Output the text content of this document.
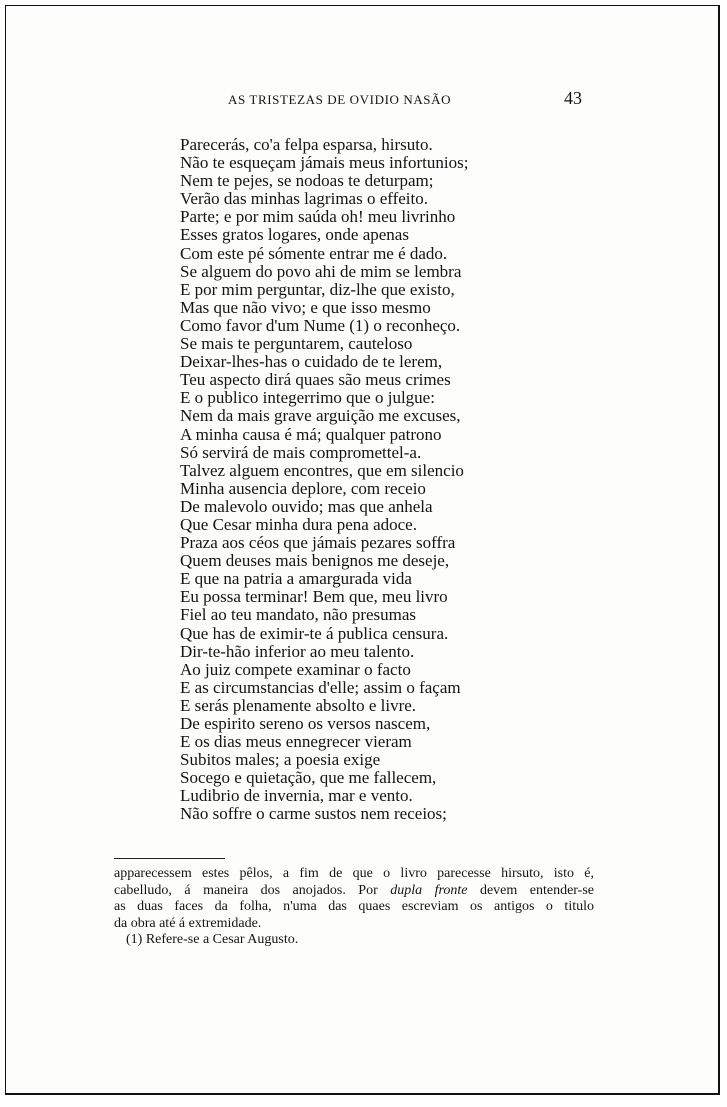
AS TRISTEZAS DE OVIDIO NASÃO	43
Parecerás, co'a felpa esparsa, hirsuto.
Não te esqueçam jámais meus infortunios;
Nem te pejes, se nodoas te deturpam;
Verão das minhas lagrimas o effeito.
Parte; e por mim saúda oh! meu livrinho
Esses gratos logares, onde apenas
Com este pé sómente entrar me é dado.
Se alguem do povo ahi de mim se lembra
E por mim perguntar, diz-lhe que existo,
Mas que não vivo; e que isso mesmo
Como favor d'um Nume (1) o reconheço.
Se mais te perguntarem, cauteloso
Deixar-lhes-has o cuidado de te lerem,
Teu aspecto dirá quaes são meus crimes
E o publico integerrimo que o julgue:
Nem da mais grave arguição me excuses,
A minha causa é má; qualquer patrono
Só servirá de mais compromettel-a.
Talvez alguem encontres, que em silencio
Minha ausencia deplore, com receio
De malevolo ouvido; mas que anhela
Que Cesar minha dura pena adoce.
Praza aos céos que jámais pezares soffra
Quem deuses mais benignos me deseje,
E que na patria a amargurada vida
Eu possa terminar! Bem que, meu livro
Fiel ao teu mandato, não presumas
Que has de eximir-te á publica censura.
Dir-te-hão inferior ao meu talento.
Ao juiz compete examinar o facto
E as circumstancias d'elle; assim o façam
E serás plenamente absolto e livre.
De espirito sereno os versos nascem,
E os dias meus ennegrecer vieram
Subitos males; a poesia exige
Socego e quietação, que me fallecem,
Ludibrio de invernia, mar e vento.
Não soffre o carme sustos nem receios;
apparecessem estes pêlos, a fim de que o livro parecesse hirsuto, isto é,
cabelludo, á maneira dos anojados. Por dupla fronte devem entender-se
as duas faces da folha, n'uma das quaes escreviam os antigos o titulo
da obra até á extremidade.
(1) Refere-se a Cesar Augusto.
